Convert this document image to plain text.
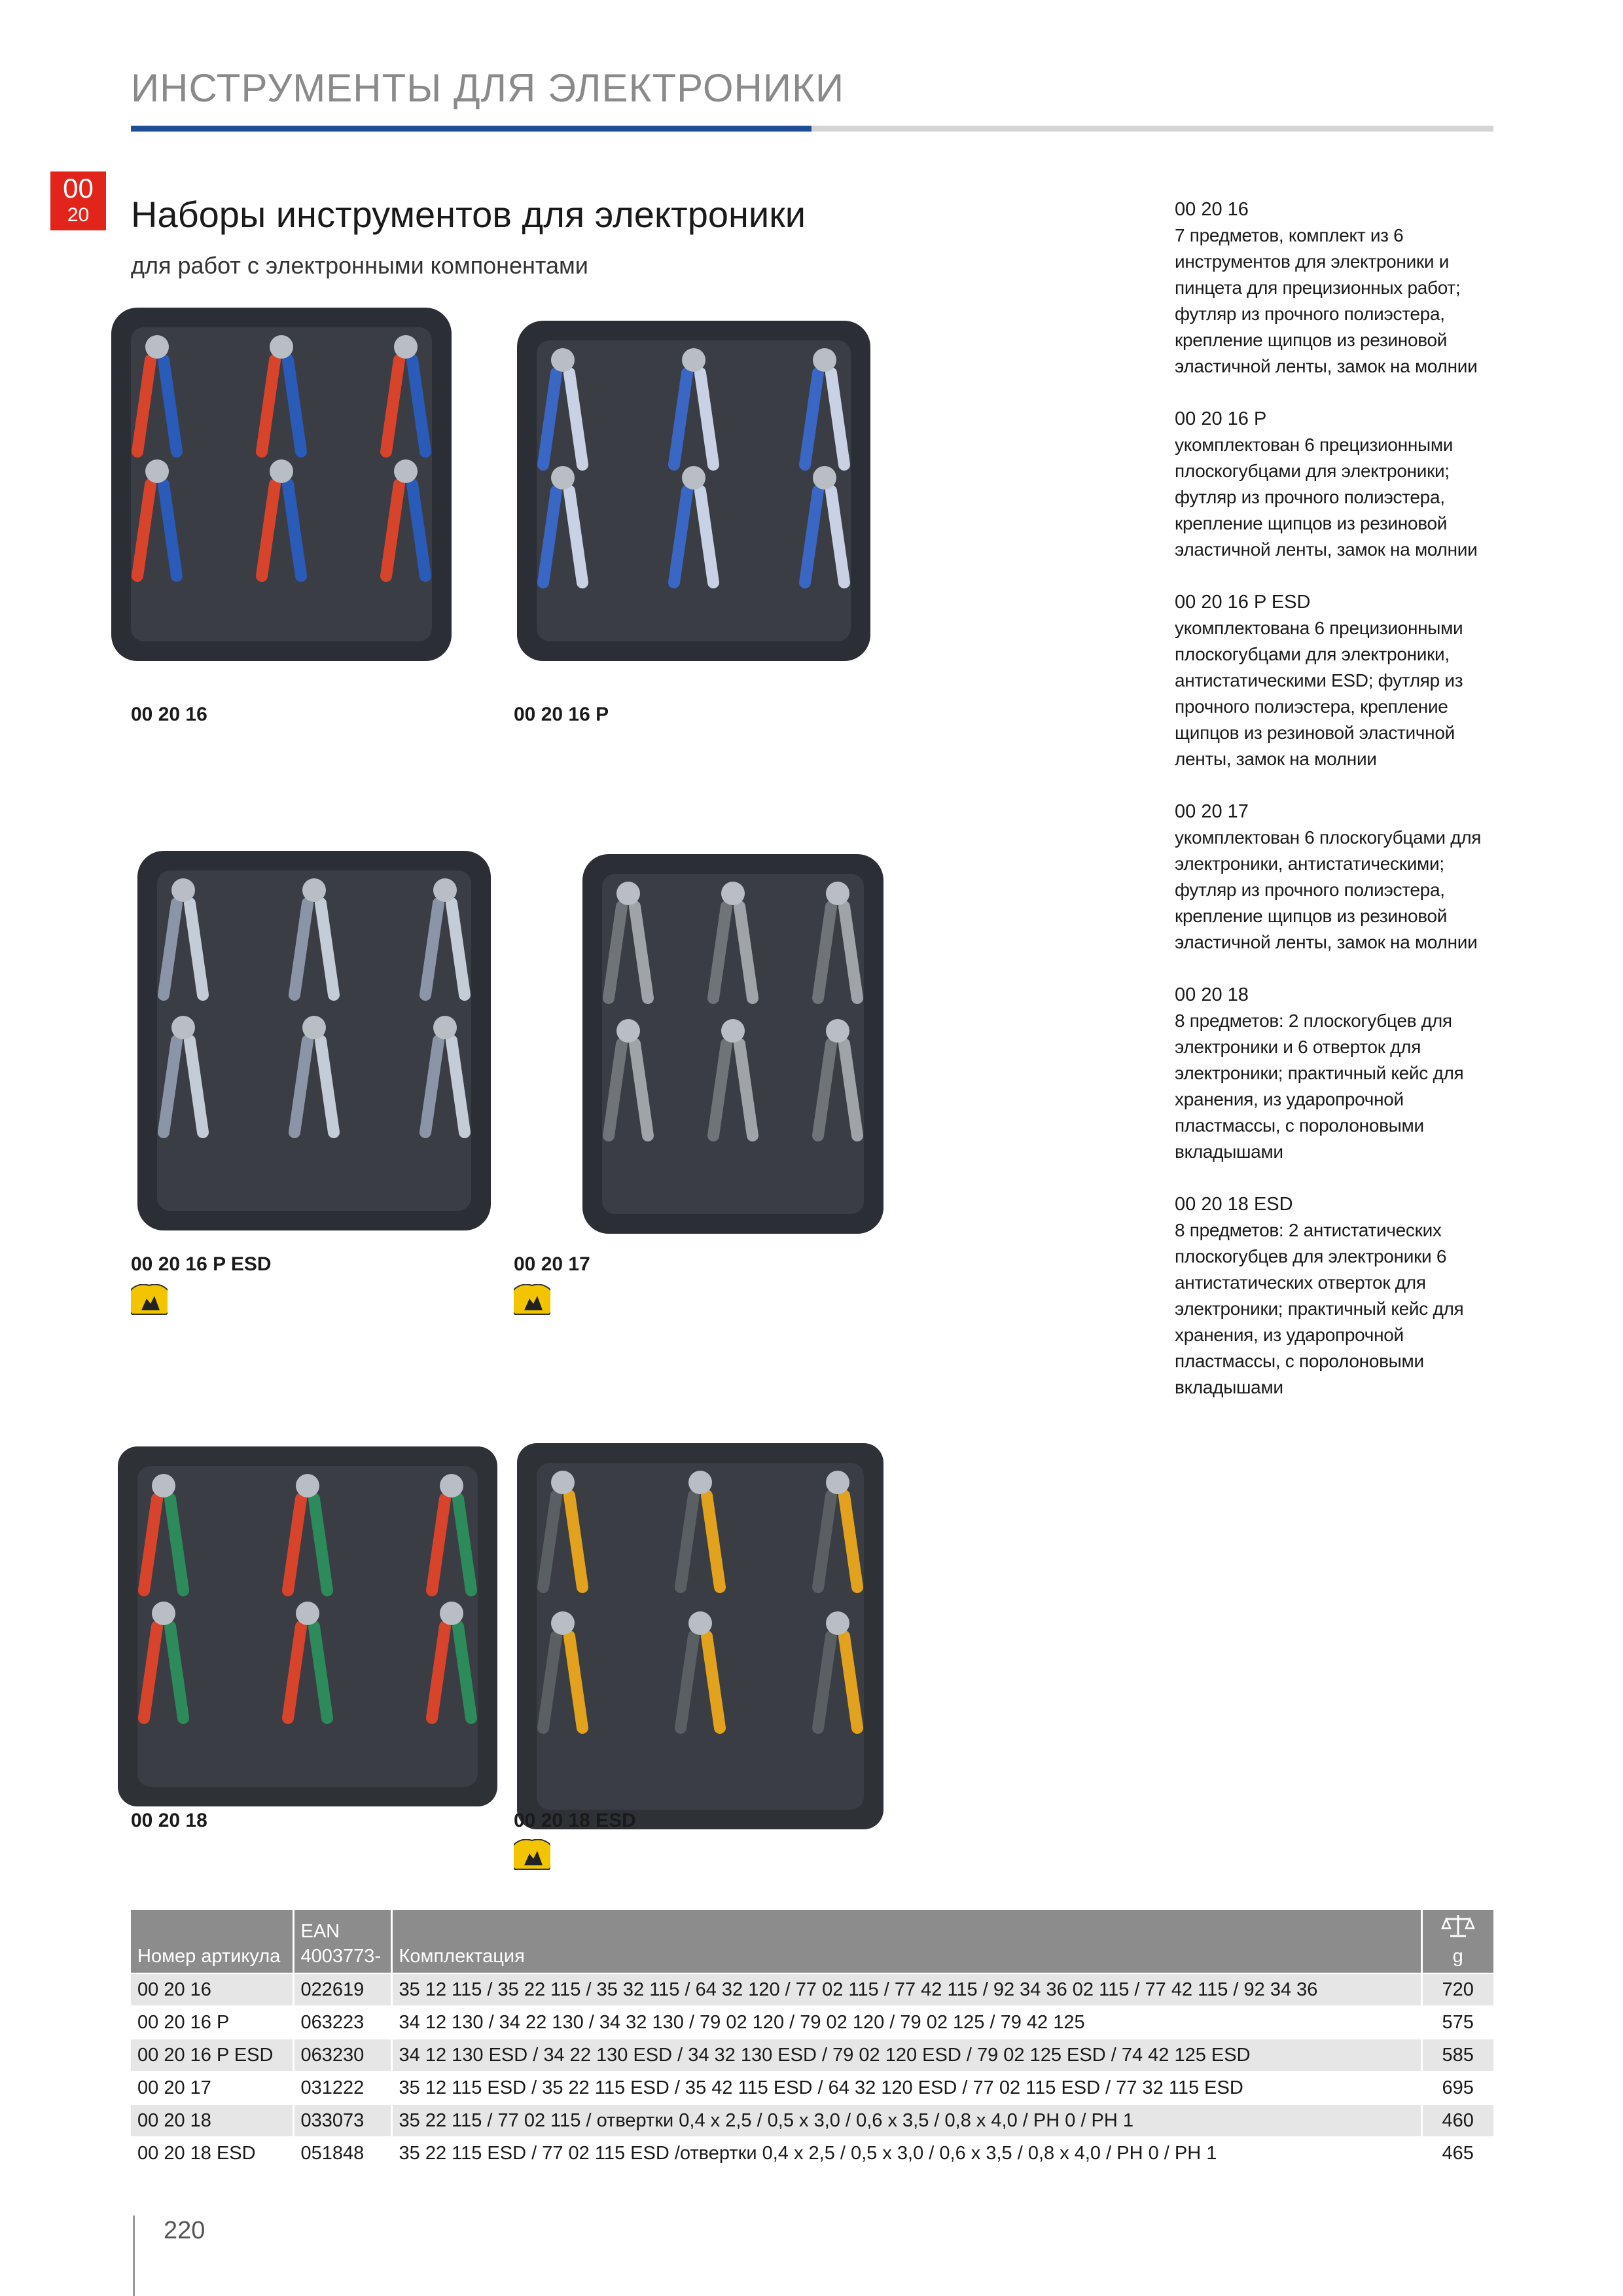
ИНСТРУМЕНТЫ ДЛЯ ЭЛЕКТРОНИКИ
00
20	Наборы инструментов для электроники
для работ с электронными компонентами
00 20 16	00 20 16 P
00 20 16 P ESD	00 20 17
00 20 18	00 20 18 ESD
00 20 16
7 предметов, комплект из 6 инструментов для электроники и пинцета для прецизионных работ; футляр из прочного полиэстера, крепление щипцов из резиновой эластичной ленты, замок на молнии
00 20 16 P
укомплектован 6 прецизионными плоскогубцами для электроники; футляр из прочного полиэстера, крепление щипцов из резиновой эластичной ленты, замок на молнии
00 20 16 P ESD
укомплектована 6 прецизионными плоскогубцами для электроники, антистатическими ESD; футляр из прочного полиэстера, крепление щипцов из резиновой эластичной ленты, замок на молнии
00 20 17
укомплектован 6 плоскогубцами для электроники, антистатическими; футляр из прочного полиэстера, крепление щипцов из резиновой эластичной ленты, замок на молнии
00 20 18
8 предметов: 2 плоскогубцев для электроники и 6 отверток для электроники; практичный кейс для хранения, из ударопрочной пластмассы, с поролоновыми вкладышами
00 20 18 ESD
8 предметов: 2 антистатических плоскогубцев для электроники 6 антистатических отверток для электроники; практичный кейс для хранения, из ударопрочной пластмассы, с поролоновыми вкладышами
Номер артикула	EAN 4003773-	Комплектация	g
00 20 16	022619	35 12 115 / 35 22 115 / 35 32 115 / 64 32 120 / 77 02 115 / 77 42 115 / 92 34 36 02 115 / 77 42 115 / 92 34 36	720
00 20 16 P	063223	34 12 130 / 34 22 130 / 34 32 130 / 79 02 120 / 79 02 120 / 79 02 125 / 79 42 125	575
00 20 16 P ESD	063230	34 12 130 ESD / 34 22 130 ESD / 34 32 130 ESD / 79 02 120 ESD / 79 02 125 ESD / 74 42 125 ESD	585
00 20 17	031222	35 12 115 ESD / 35 22 115 ESD / 35 42 115 ESD / 64 32 120 ESD / 77 02 115 ESD / 77 32 115 ESD	695
00 20 18	033073	35 22 115 / 77 02 115 / отвертки 0,4 x 2,5 / 0,5 x 3,0 / 0,6 x 3,5 / 0,8 x 4,0 / PH 0 / PH 1	460
00 20 18 ESD	051848	35 22 115 ESD / 77 02 115 ESD /отвертки 0,4 x 2,5 / 0,5 x 3,0 / 0,6 x 3,5 / 0,8 x 4,0 / PH 0 / PH 1	465
220
